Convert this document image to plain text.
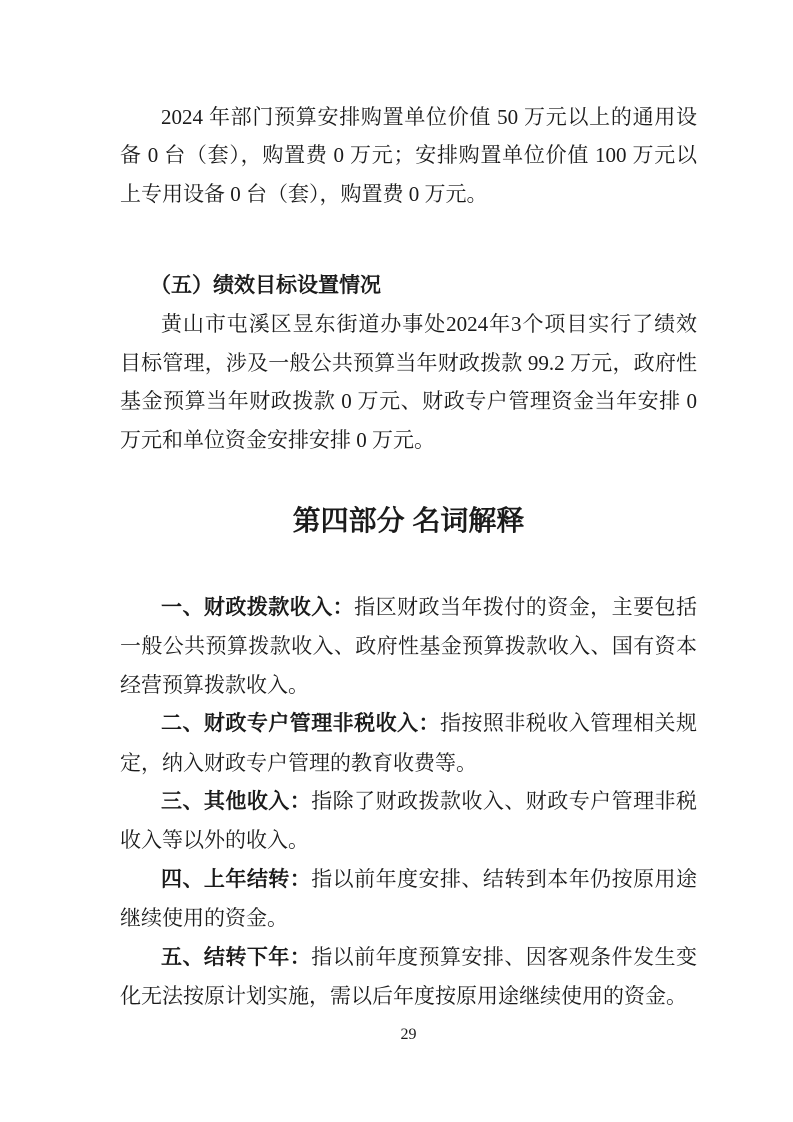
2024 年部门预算安排购置单位价值 50 万元以上的通用设
备 0 台（套），购置费 0 万元；安排购置单位价值 100 万元以
上专用设备 0 台（套），购置费 0 万元。
（五）绩效目标设置情况
黄山市屯溪区昱东街道办事处2024年3个项目实行了绩效
目标管理，涉及一般公共预算当年财政拨款 99.2 万元，政府性
基金预算当年财政拨款 0 万元、财政专户管理资金当年安排 0
万元和单位资金安排安排 0 万元。
第四部分 名词解释
一、财政拨款收入：指区财政当年拨付的资金，主要包括
一般公共预算拨款收入、政府性基金预算拨款收入、国有资本
经营预算拨款收入。
二、财政专户管理非税收入：指按照非税收入管理相关规
定，纳入财政专户管理的教育收费等。
三、其他收入：指除了财政拨款收入、财政专户管理非税
收入等以外的收入。
四、上年结转：指以前年度安排、结转到本年仍按原用途
继续使用的资金。
五、结转下年：指以前年度预算安排、因客观条件发生变
化无法按原计划实施，需以后年度按原用途继续使用的资金。
29
